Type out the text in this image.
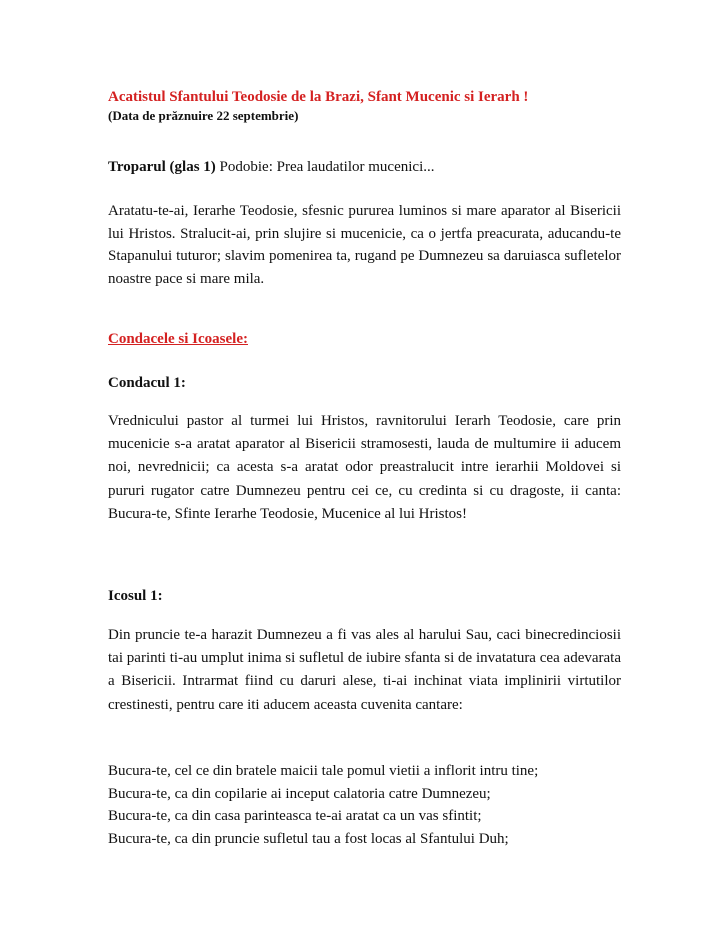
Acatistul Sfantului Teodosie de la Brazi, Sfant Mucenic si Ierarh !
(Data de prăznuire 22 septembrie)
Troparul (glas 1) Podobie: Prea laudatilor mucenici...

Aratatu-te-ai, Ierarhe Teodosie, sfesnic pururea luminos si mare aparator al Bisericii lui Hristos. Stralucit-ai, prin slujire si mucenicie, ca o jertfa preacurata, aducandu-te Stapanului tuturor; slavim pomenirea ta, rugand pe Dumnezeu sa daruiasca sufletelor noastre pace si mare mila.

Condacele si Icoasele:
Condacul 1:

Vrednicului pastor al turmei lui Hristos, ravnitorului Ierarh Teodosie, care prin mucenicie s-a aratat aparator al Bisericii stramosesti, lauda de multumire ii aducem noi, nevrednicii; ca acesta s-a aratat odor preastralucit intre ierarhii Moldovei si pururi rugator catre Dumnezeu pentru cei ce, cu credinta si cu dragoste, ii canta: Bucura-te, Sfinte Ierarhe Teodosie, Mucenice al lui Hristos!

Icosul 1:

Din pruncie te-a harazit Dumnezeu a fi vas ales al harului Sau, caci binecredinciosii tai parinti ti-au umplut inima si sufletul de iubire sfanta si de invatatura cea adevarata a Bisericii. Intrarmat fiind cu daruri alese, ti-ai inchinat viata implinirii virtutilor crestinesti, pentru care iti aducem aceasta cuvenita cantare:

Bucura-te, cel ce din bratele maicii tale pomul vietii a inflorit intru tine;
Bucura-te, ca din copilarie ai inceput calatoria catre Dumnezeu;
Bucura-te, ca din casa parinteasca te-ai aratat ca un vas sfintit;
Bucura-te, ca din pruncie sufletul tau a fost locas al Sfantului Duh;
